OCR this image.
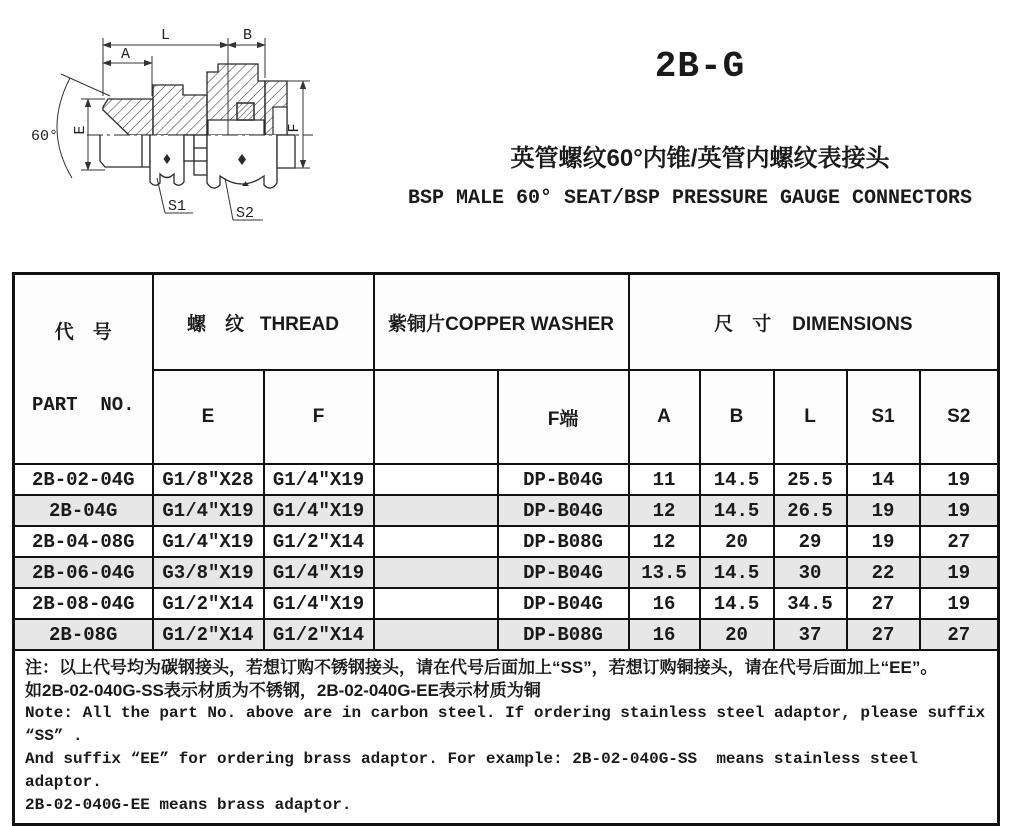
L	B
A
60° E	F
S1	S2
2B-G
英管螺纹60°内锥/英管内螺纹表接头
BSP MALE 60° SEAT/BSP PRESSURE GAUGE CONNECTORS

代　号

PART  NO.	螺　纹   THREAD		紫铜片COPPER WASHER		尺　寸    DIMENSIONS				
	E	F		F端	A	B	L	S1	S2
2B-02-04G	G1/8″X28	G1/4″X19		DP-B04G	11	14.5	25.5	14	19
2B-04G	G1/4″X19	G1/4″X19		DP-B04G	12	14.5	26.5	19	19
2B-04-08G	G1/4″X19	G1/2″X14		DP-B08G	12	20	29	19	27
2B-06-04G	G3/8″X19	G1/4″X19		DP-B04G	13.5	14.5	30	22	19
2B-08-04G	G1/2″X14	G1/4″X19		DP-B04G	16	14.5	34.5	27	19
2B-08G	G1/2″X14	G1/2″X14		DP-B08G	16	20	37	27	27

注：以上代号均为碳钢接头，若想订购不锈钢接头，请在代号后面加上“SS”，若想订购铜接头，请在代号后面加上“EE”。
如2B-02-040G-SS表示材质为不锈钢，2B-02-040G-EE表示材质为铜
Note: All the part No. above are in carbon steel. If ordering stainless steel adaptor, please suffix “SS” .
And suffix “EE” for ordering brass adaptor. For example: 2B-02-040G-SS  means stainless steel adaptor.
2B-02-040G-EE means brass adaptor.									
